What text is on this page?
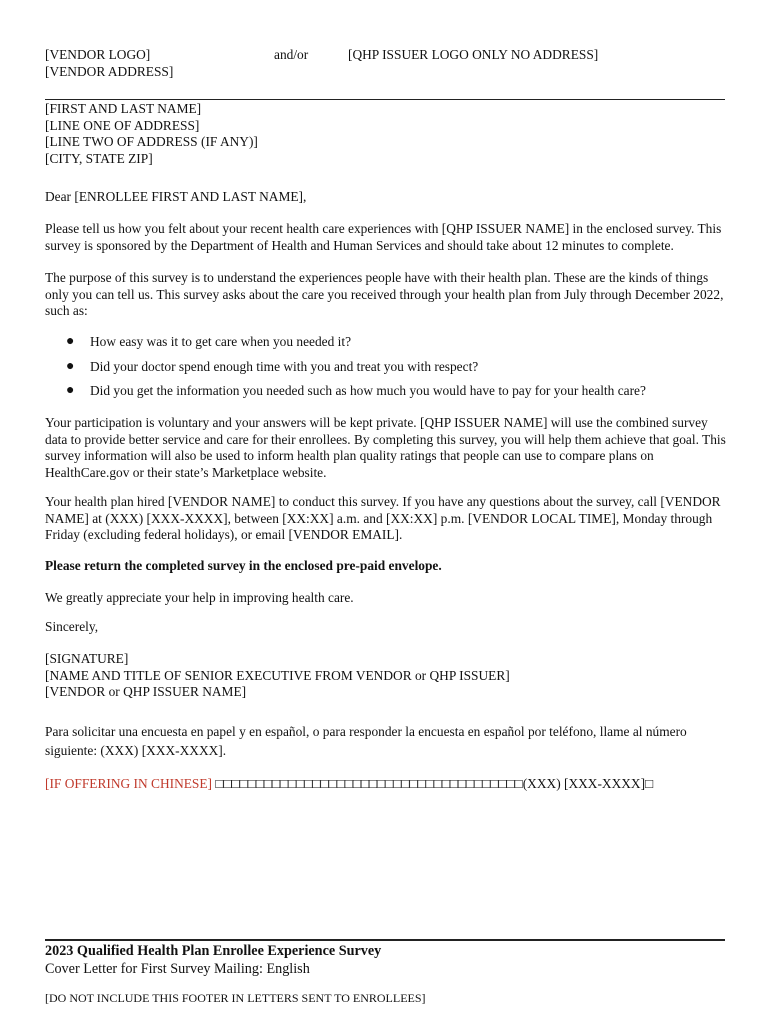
[VENDOR LOGO]
[VENDOR ADDRESS]
and/or	[QHP ISSUER LOGO ONLY NO ADDRESS]
[FIRST AND LAST NAME]
[LINE ONE OF ADDRESS]
[LINE TWO OF ADDRESS (IF ANY)]
[CITY, STATE ZIP]
Dear [ENROLLEE FIRST AND LAST NAME],
Please tell us how you felt about your recent health care experiences with [QHP ISSUER NAME] in the enclosed survey. This survey is sponsored by the Department of Health and Human Services and should take about 12 minutes to complete.
The purpose of this survey is to understand the experiences people have with their health plan. These are the kinds of things only you can tell us. This survey asks about the care you received through your health plan from July through December 2022, such as:
● How easy was it to get care when you needed it?
● Did your doctor spend enough time with you and treat you with respect?
● Did you get the information you needed such as how much you would have to pay for your health care?
Your participation is voluntary and your answers will be kept private. [QHP ISSUER NAME] will use the combined survey data to provide better service and care for their enrollees. By completing this survey, you will help them achieve that goal. This survey information will also be used to inform health plan quality ratings that people can use to compare plans on HealthCare.gov or their state’s Marketplace website.
Your health plan hired [VENDOR NAME] to conduct this survey. If you have any questions about the survey, call [VENDOR NAME] at (XXX) [XXX-XXXX], between [XX:XX] a.m. and [XX:XX] p.m. [VENDOR LOCAL TIME], Monday through Friday (excluding federal holidays), or email [VENDOR EMAIL].
Please return the completed survey in the enclosed pre-paid envelope.
We greatly appreciate your help in improving health care.
Sincerely,
[SIGNATURE]
[NAME AND TITLE OF SENIOR EXECUTIVE FROM VENDOR or QHP ISSUER]
[VENDOR or QHP ISSUER NAME]
Para solicitar una encuesta en papel y en español, o para responder la encuesta en español por teléfono, llame al número siguiente: (XXX) [XXX-XXXX].
[IF OFFERING IN CHINESE] □□□□□□□□□□□□□□□□□□□□□□□□□□□□□□□□□□□□□□(XXX) [XXX-XXXX]□
2023 Qualified Health Plan Enrollee Experience Survey
Cover Letter for First Survey Mailing: English
[DO NOT INCLUDE THIS FOOTER IN LETTERS SENT TO ENROLLEES]
